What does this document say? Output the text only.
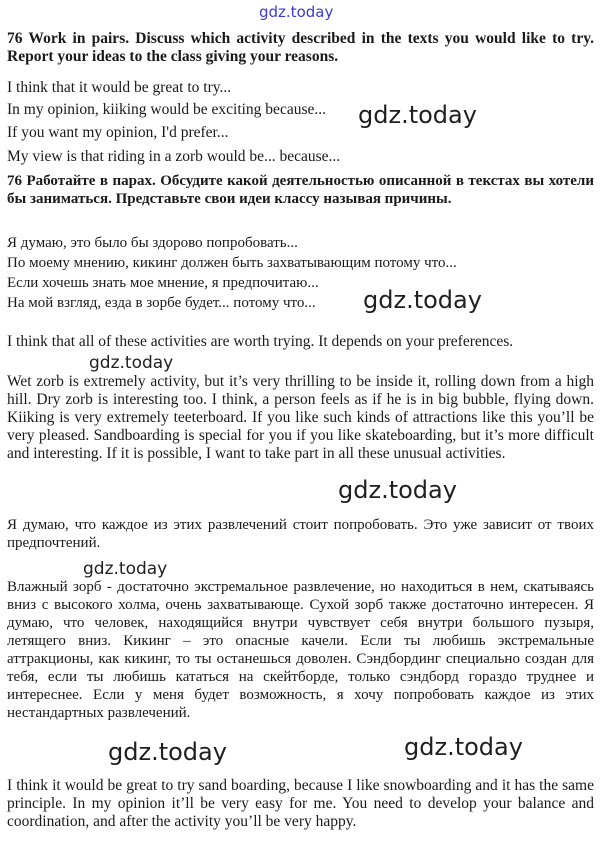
gdz.today
gdz.today
gdz.today
gdz.today
gdz.today
gdz.today
gdz.today	gdz.today
76 Work in pairs. Discuss which activity described in the texts you would like to try. Report your ideas to the class giving your reasons.
I think that it would be great to try...
In my opinion, kiiking would be exciting because...
If you want my opinion, I'd prefer...
My view is that riding in a zorb would be... because...
76 Работайте в парах. Обсудите какой деятельностью описанной в текстах вы хотели бы заниматься. Представьте свои идеи классу называя причины.
Я думаю, это было бы здорово попробовать...
По моему мнению, кикинг должен быть захватывающим потому что...
Если хочешь знать мое мнение, я предпочитаю...
На мой взгляд, езда в зорбе будет... потому что...
I think that all of these activities are worth trying. It depends on your preferences.
Wet zorb is extremely activity, but it’s very thrilling to be inside it, rolling down from a high hill. Dry zorb is interesting too. I think, a person feels as if he is in big bubble, flying down. Kiiking is very extremely teeterboard. If you like such kinds of attractions like this you’ll be very pleased. Sandboarding is special for you if you like skateboarding, but it’s more difficult and interesting. If it is possible, I want to take part in all these unusual activities.
Я думаю, что каждое из этих развлечений стоит попробовать. Это уже зависит от твоих предпочтений.
Влажный зорб - достаточно экстремальное развлечение, но находиться в нем, скатываясь вниз с высокого холма, очень захватывающе. Сухой зорб также достаточно интересен. Я думаю, что человек, находящийся внутри чувствует себя внутри большого пузыря, летящего вниз. Кикинг – это опасные качели. Если ты любишь экстремальные аттракционы, как кикинг, то ты останешься доволен. Сэндбординг специально создан для тебя, если ты любишь кататься на скейтборде, только сэндборд гораздо труднее и интереснее. Если у меня будет возможность, я хочу попробовать каждое из этих нестандартных развлечений.
I think it would be great to try sand boarding, because I like snowboarding and it has the same principle. In my opinion it’ll be very easy for me. You need to develop your balance and coordination, and after the activity you’ll be very happy.
